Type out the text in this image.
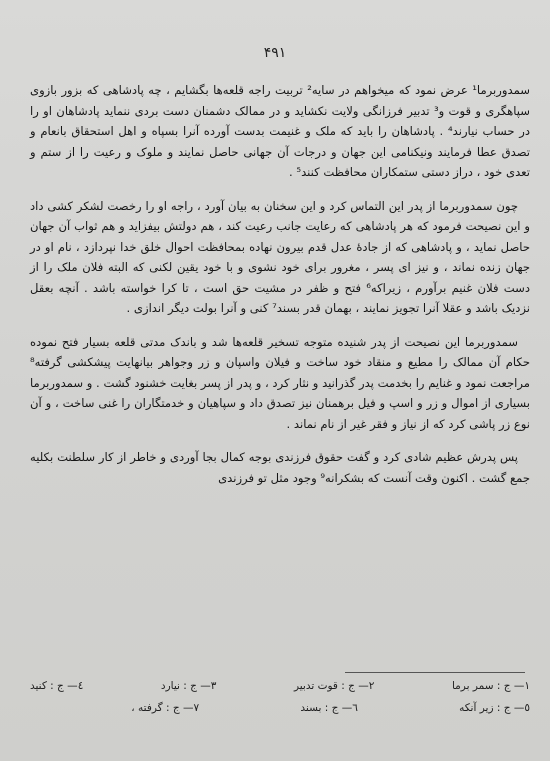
۴۹۱

سمدوربرما¹ عرض نمود که میخواهم در سایه² تربیت راجه قلعه‌ها بگشایم ، چه پادشاهی که بزور بازوی سپاهگری و قوت و³ تدبیر فرزانگی ولایت نکشاید و در ممالک دشمنان دست بردی ننماید پادشاهان او را در حساب نیارند⁴ . پادشاهان را باید که ملک و غنیمت بدست آورده آنرا بسپاه و اهل استحقاق بانعام و تصدق عطا فرمایند ونیکنامی این جهان و درجات آن جهانی حاصل نمایند و ملوک و رعیت را از ستم و تعدی خود ، دراز دستی ستمکاران محافظت کنند⁵ .

چون سمدوربرما از پدر این التماس کرد و این سخنان به بیان آورد ، راجه او را رخصت لشکر کشی داد و این نصیحت فرمود که هر پادشاهی که رعایت جانب رعیت کند ، هم دولتش بیفزاید و هم ثواب آن جهان حاصل نماید ، و پادشاهی که از جادهٔ عدل قدم بیرون نهاده بمحافظت احوال خلق خدا نپردازد ، نام او در جهان زنده نماند ، و نیز ای پسر ، مغرور برای خود نشوی و با خود یقین لکنی که البته فلان ملک را از دست فلان غنیم برآورم ، زیراکه⁶ فتح و ظفر در مشیت حق است ، تا کرا خواسته باشد . آنچه بعقل نزدیک باشد و عقلا آنرا تجویز نمایند ، بهمان قدر بسند⁷ کنی و آنرا بولت دیگر اندازی .

سمدوربرما این نصیحت از پدر شنیده متوجه تسخیر قلعه‌ها شد و باندک مدتی قلعه بسیار فتح نموده حکام آن ممالک را مطیع و منقاد خود ساخت و فیلان واسپان و زر وجواهر بیانهایت پیشکشی گرفته⁸ مراجعت نمود و غنایم را بخدمت پدر گذرانید و نثار کرد ، و پدر از پسر بغایت خشنود گشت . و سمدوربرما بسیاری از اموال و زر و اسپ و فیل برهمنان نیز تصدق داد و سپاهیان و خدمتگاران را غنی ساخت ، و آن نوع زر پاشی کرد که از نیاز و فقر غیر از نام نماند .

پس پدرش عظیم شادی کرد و گفت حقوق فرزندی بوجه کمال بجا آوردی و خاطر از کار سلطنت بکلیه جمع گشت . اکنون وقت آنست که بشکرانه⁹ وجود مثل تو فرزندی

١— ج : سمر برما
٢— ج : قوت تدبیر
٣— ج : نیارد
٤— ج : کنید
٥— ج : زیر آنکه
٦— ج : بسند
٧— ج : گرفته ،
